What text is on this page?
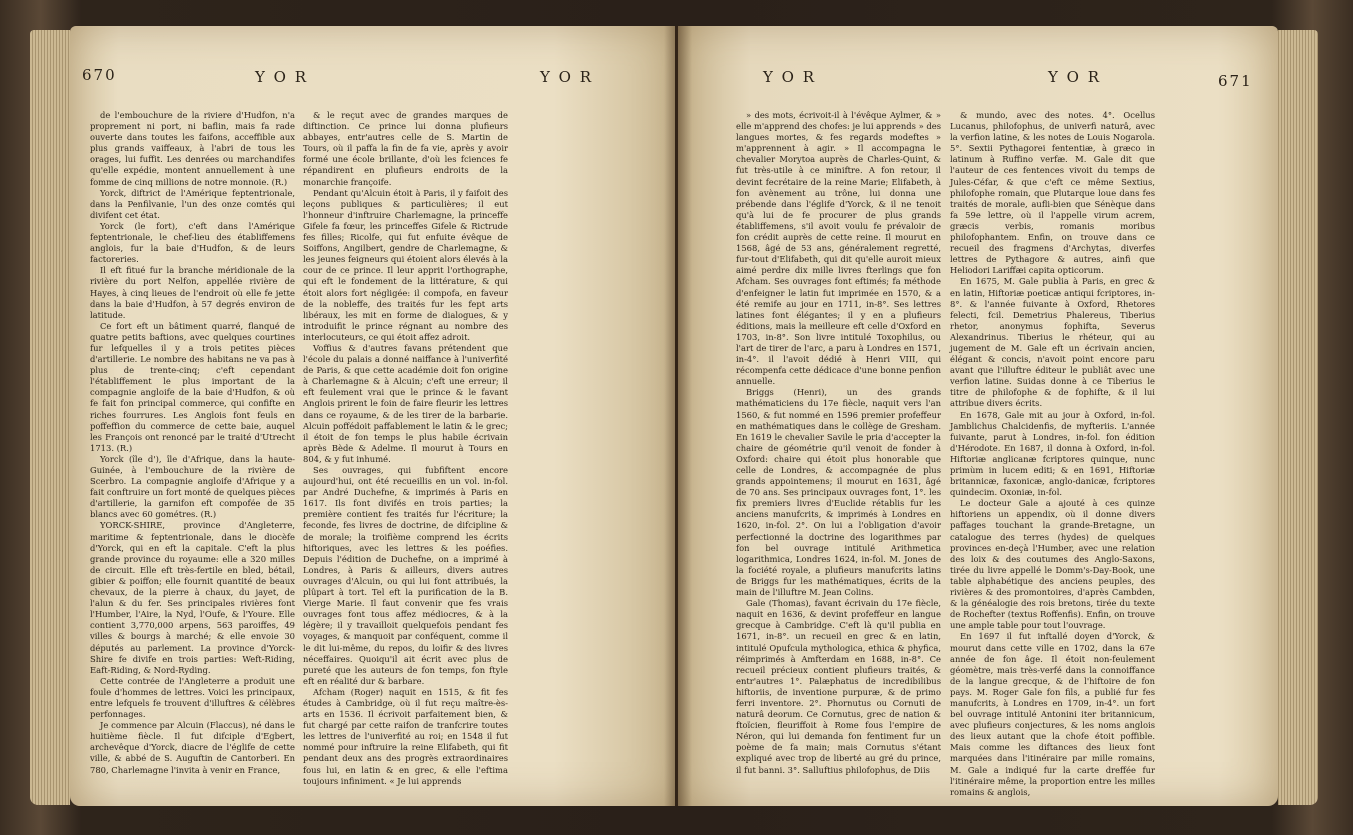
670	Y O R	Y O R

de l'embouchure de la riviere d'Hudfon, n'a proprement ni port, ni baflin, mais fa rade ouverte dans toutes les faifons, acceffible aux plus grands vaiffeaux, à l'abri de tous les orages, lui fuffit. Les denrées ou marchandifes qu'elle expédie, montent annuellement à une fomme de cinq millions de notre monnoie. (R.)

Yorck, diftrict de l'Amérique feptentrionale, dans la Penfilvanie, l'un des onze comtés qui divifent cet état.

Yorck (le fort), c'eft dans l'Amérique feptentrionale, le chef-lieu des établiffemens anglois, fur la baie d'Hudfon, & de leurs factoreries.

Il eft fitué fur la branche méridionale de la rivière du port Nelfon, appellée rivière de Hayes, à cinq lieues de l'endroit où elle fe jette dans la baie d'Hudfon, à 57 degrés environ de latitude.

Ce fort eft un bâtiment quarré, flanqué de quatre petits baftions, avec quelques courtines fur lefquelles il y a trois petites pièces d'artillerie. Le nombre des habitans ne va pas à plus de trente-cinq; c'eft cependant l'établiffement le plus important de la compagnie angloife de la baie d'Hudfon, & où fe fait fon principal commerce, qui confifte en riches fourrures. Les Anglois font feuls en poffeffion du commerce de cette baie, auquel les François ont renoncé par le traité d'Utrecht 1713. (R.)

Yorck (île d'), île d'Afrique, dans la haute-Guinée, à l'embouchure de la rivière de Scerbro. La compagnie angloife d'Afrique y a fait conftruire un fort monté de quelques pièces d'artillerie, la garnifon eft compofée de 35 blancs avec 60 gométres. (R.)

YORCK-SHIRE, province d'Angleterre, maritime & feptentrionale, dans le diocèfe d'Yorck, qui en eft la capitale. C'eft la plus grande province du royaume: elle a 320 milles de circuit. Elle eft très-fertile en bled, bétail, gibier & poiffon; elle fournit quantité de beaux chevaux, de la pierre à chaux, du jayet, de l'alun & du fer. Ses principales rivières font l'Humber, l'Aire, la Nyd, l'Oufe, & l'Youre. Elle contient 3,770,000 arpens, 563 paroiffes, 49 villes & bourgs à marché; & elle envoie 30 députés au parlement. La province d'Yorck-Shire fe divife en trois parties: Weft-Riding, Eaft-Riding, & Nord-Ryding.

Cette contrée de l'Angleterre a produit une foule d'hommes de lettres. Voici les principaux, entre lefquels fe trouvent d'illuftres & célèbres perfonnages.

Je commence par Alcuin (Flaccus), né dans le huitième fiècle. Il fut difciple d'Egbert, archevêque d'Yorck, diacre de l'églife de cette ville, & abbé de S. Auguftin de Cantorberi. En 780, Charlemagne l'invita à venir en France,

& le reçut avec de grandes marques de diftinction. Ce prince lui donna plufieurs abbayes, entr'autres celle de S. Martin de Tours, où il paffa la fin de fa vie, après y avoir formé une école brillante, d'où les fciences fe répandirent en plufieurs endroits de la monarchie françoife.

Pendant qu'Alcuin étoit à Paris, il y faifoit des leçons publiques & particulières; il eut l'honneur d'inftruire Charlemagne, la princeffe Gifele fa fœur, les princeffes Gifele & Rictrude fes filles; Ricolfe, qui fut enfuite évêque de Soiffons, Angilbert, gendre de Charlemagne, & les jeunes feigneurs qui étoient alors élevés à la cour de ce prince. Il leur apprit l'orthographe, qui eft le fondement de la littérature, & qui étoit alors fort négligée: il compofa, en faveur de la nobleffe, des traités fur les fept arts libéraux, les mit en forme de dialogues, & y introduifit le prince régnant au nombre des interlocuteurs, ce qui étoit affez adroit.

Voffius & d'autres favans prétendent que l'école du palais a donné naiffance à l'univerfité de Paris, & que cette académie doit fon origine à Charlemagne & à Alcuin; c'eft une erreur; il eft feulement vrai que le prince & le favant Anglois prirent le foin de faire fleurir les lettres dans ce royaume, & de les tirer de la barbarie. Alcuin poffédoit paffablement le latin & le grec; il étoit de fon temps le plus habile écrivain après Bède & Adelme. Il mourut à Tours en 804, & y fut inhumé.

Ses ouvrages, qui fubfiftent encore aujourd'hui, ont été recueillis en un vol. in-fol. par André Duchefne, & imprimés à Paris en 1617. Ils font divifés en trois parties; la première contient fes traités fur l'écriture; la feconde, fes livres de doctrine, de difcipline & de morale; la troifième comprend les écrits hiftoriques, avec les lettres & les poéfies. Depuis l'édition de Duchefne, on a imprimé à Londres, à Paris & ailleurs, divers autres ouvrages d'Alcuin, ou qui lui font attribués, la plûpart à tort. Tel eft la purification de la B. Vierge Marie. Il faut convenir que fes vrais ouvrages font tous affez médiocres, & à la légère; il y travailloit quelquefois pendant fes voyages, & manquoit par conféquent, comme il le dit lui-même, du repos, du loifir & des livres néceffaires. Quoiqu'il ait écrit avec plus de pureté que les auteurs de fon temps, fon ftyle eft en réalité dur & barbare.

Afcham (Roger) naquit en 1515, & fit fes études à Cambridge, où il fut reçu maître-ès-arts en 1536. Il écrivoit parfaitement bien, & fut chargé par cette raifon de tranfcrire toutes les lettres de l'univerfité au roi; en 1548 il fut nommé pour inftruire la reine Elifabeth, qui fit pendant deux ans des progrès extraordinaires fous lui, en latin & en grec, & elle l'eftima toujours infiniment. « Je lui apprends

Y O R	Y O R	671

» des mots, écrivoit-il à l'évêque Aylmer, & » elle m'apprend des chofes: je lui apprends » des langues mortes, & fes regards modeftes » m'apprennent à agir. » Il accompagna le chevalier Morytoa auprès de Charles-Quint, & fut très-utile à ce miniftre. A fon retour, il devint fecrétaire de la reine Marie; Elifabeth, à fon avènement au trône, lui donna une prébende dans l'églife d'Yorck, & il ne tenoit qu'à lui de fe procurer de plus grands établiffemens, s'il avoit voulu fe prévaloir de fon crédit auprès de cette reine. Il mourut en 1568, âgé de 53 ans, généralement regretté, fur-tout d'Elifabeth, qui dit qu'elle auroit mieux aimé perdre dix mille livres fterlings que fon Afcham. Ses ouvrages font eftimés; fa méthode d'enfeigner le latin fut imprimée en 1570, & a été remife au jour en 1711, in-8°. Ses lettres latines font élégantes; il y en a plufieurs éditions, mais la meilleure eft celle d'Oxford en 1703, in-8°. Son livre intitulé Toxophilus, ou l'art de tirer de l'arc, a paru à Londres en 1571, in-4°. il l'avoit dédié à Henri VIII, qui récompenfa cette dédicace d'une bonne penfion annuelle.

Briggs (Henri), un des grands mathématiciens du 17e fiècle, naquit vers l'an 1560, & fut nommé en 1596 premier profeffeur en mathématiques dans le collège de Gresham. En 1619 le chevalier Savile le pria d'accepter la chaire de géométrie qu'il venoit de fonder à Oxford: chaire qui étoit plus honorable que celle de Londres, & accompagnée de plus grands appointemens; il mourut en 1631, âgé de 70 ans. Ses principaux ouvrages font, 1°. les fix premiers livres d'Euclide rétablis fur les anciens manufcrits, & imprimés à Londres en 1620, in-fol. 2°. On lui a l'obligation d'avoir perfectionné la doctrine des logarithmes par fon bel ouvrage intitulé Arithmetica logarithmica, Londres 1624, in-fol. M. Jones de la fociété royale, a plufieurs manufcrits latins de Briggs fur les mathématiques, écrits de la main de l'illuftre M. Jean Colins.

Gale (Thomas), favant écrivain du 17e fiècle, naquit en 1636, & devint profeffeur en langue grecque à Cambridge. C'eft là qu'il publia en 1671, in-8°. un recueil en grec & en latin, intitulé Opufcula mythologica, ethica & phyfica, réimprimés à Amfterdam en 1688, in-8°. Ce recueil précieux contient plufieurs traités, & entr'autres 1°. Palæphatus de incredibilibus hiftoriis, de inventione purpuræ, & de primo ferri inventore. 2°. Phornutus ou Cornuti de naturâ deorum. Ce Cornutus, grec de nation & ftoïcien, fleuriffoit à Rome fous l'empire de Néron, qui lui demanda fon fentiment fur un poème de fa main; mais Cornutus s'étant expliqué avec trop de liberté au gré du prince, il fut banni. 3°. Salluftius philofophus, de Diis

& mundo, avec des notes. 4°. Ocellus Lucanus, philofophus, de univerfi naturâ, avec la verfion latine, & les notes de Louis Nogarola. 5°. Sextii Pythagorei fententiæ, à græco in latinum à Ruffino verfæ. M. Gale dit que l'auteur de ces fentences vivoit du temps de Jules-Céfar, & que c'eft ce même Sextius, philofophe romain, que Plutarque loue dans fes traités de morale, aufli-bien que Sénèque dans fa 59e lettre, où il l'appelle virum acrem, græcis verbis, romanis moribus philofophantem. Enfin, on trouve dans ce recueil des fragmens d'Archytas, diverfes lettres de Pythagore & autres, ainfi que Heliodori Lariffæi capita opticorum.

En 1675, M. Gale publia à Paris, en grec & en latin, Hiftoriæ poeticæ antiqui fcriptores, in-8°. & l'année fuivante à Oxford, Rhetores felecti, fcil. Demetrius Phalereus, Tiberius rhetor, anonymus fophifta, Severus Alexandrinus. Tiberius le rhéteur, qui au jugement de M. Gale eft un écrivain ancien, élégant & concis, n'avoit point encore paru avant que l'illuftre éditeur le publiât avec une verfion latine. Suidas donne à ce Tiberius le titre de philofophe & de fophifte, & il lui attribue divers écrits.

En 1678, Gale mit au jour à Oxford, in-fol. Jamblichus Chalcidenfis, de myfteriis. L'année fuivante, parut à Londres, in-fol. fon édition d'Hérodote. En 1687, il donna à Oxford, in-fol. Hiftoriæ anglicanæ fcriptores quinque, nunc primùm in lucem editi; & en 1691, Hiftoriæ britannicæ, faxonicæ, anglo-danicæ, fcriptores quindecim. Oxoniæ, in-fol.

Le docteur Gale a ajouté à ces quinze hiftoriens un appendix, où il donne divers paffages touchant la grande-Bretagne, un catalogue des terres (hydes) de quelques provinces en-deçà l'Humber, avec une relation des loix & des coutumes des Anglo-Saxons, tirée du livre appellé le Domm's-Day-Book, une table alphabétique des anciens peuples, des rivières & des promontoires, d'après Cambden, & la généalogie des rois bretons, tirée du texte de Rochefter (textus Roffenfis). Enfin, on trouve une ample table pour tout l'ouvrage.

En 1697 il fut inftallé doyen d'Yorck, & mourut dans cette ville en 1702, dans la 67e année de fon âge. Il étoit non-feulement géomètre, mais très-verfé dans la connoiffance de la langue grecque, & de l'hiftoire de fon pays. M. Roger Gale fon fils, a publié fur fes manufcrits, à Londres en 1709, in-4°. un fort bel ouvrage intitulé Antonini iter britannicum, avec plufieurs conjectures, & les noms anglois des lieux autant que la chofe étoit poffible. Mais comme les diftances des lieux font marquées dans l'itinéraire par mille romains, M. Gale a indiqué fur la carte dreffée fur l'itinéraire même, la proportion entre les milles romains & anglois,
